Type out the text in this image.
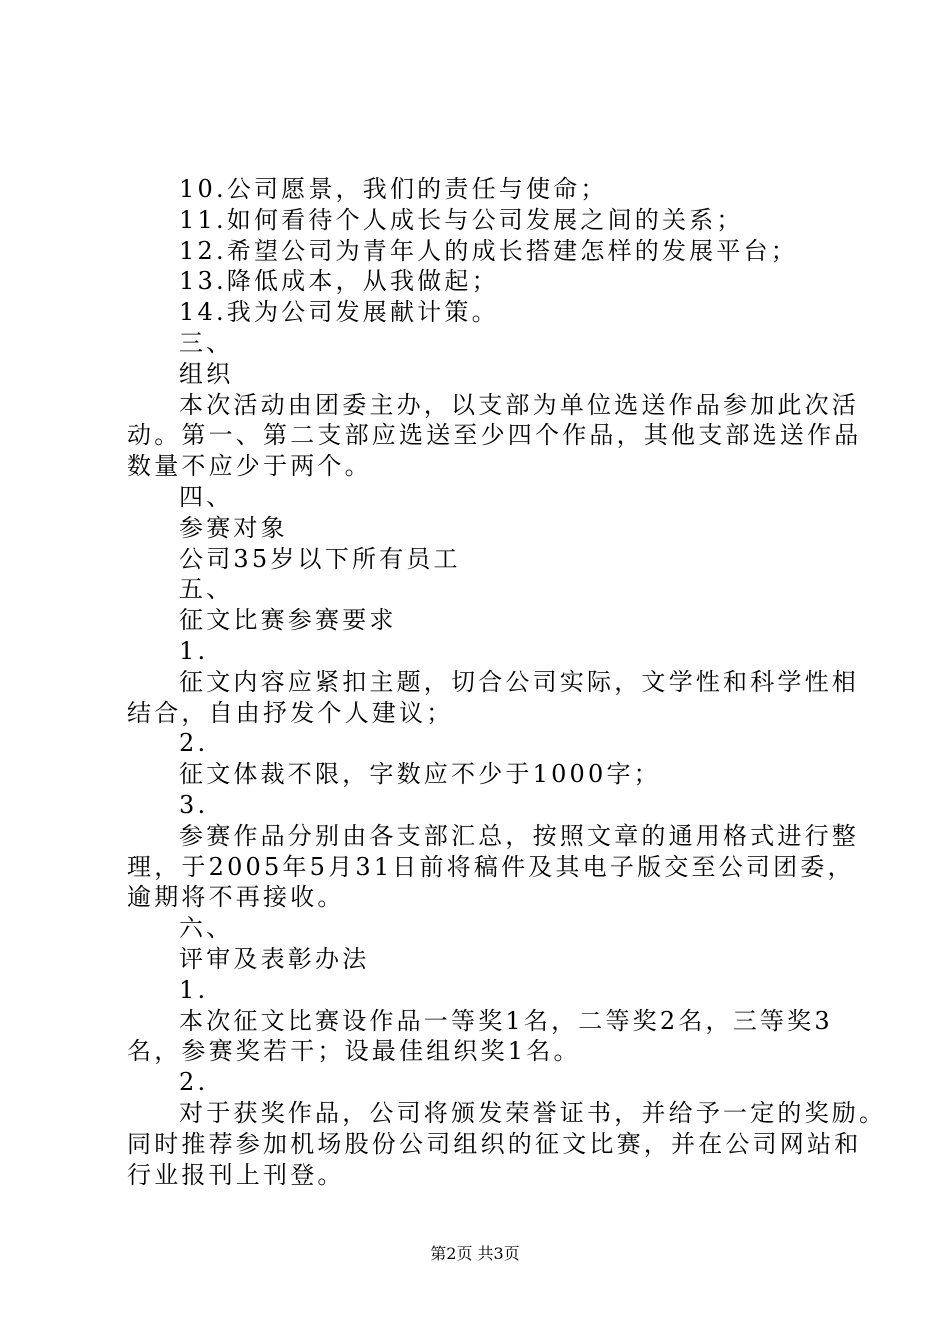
10.公司愿景，我们的责任与使命；
11.如何看待个人成长与公司发展之间的关系；
12.希望公司为青年人的成长搭建怎样的发展平台；
13.降低成本，从我做起；
14.我为公司发展献计策。
三、
组织
本次活动由团委主办，以支部为单位选送作品参加此次活
动。第一、第二支部应选送至少四个作品，其他支部选送作品
数量不应少于两个。
四、
参赛对象
公司35岁以下所有员工
五、
征文比赛参赛要求
1.
征文内容应紧扣主题，切合公司实际，文学性和科学性相
结合，自由抒发个人建议；
2.
征文体裁不限，字数应不少于1000字；
3.
参赛作品分别由各支部汇总，按照文章的通用格式进行整
理，于2005年5月31日前将稿件及其电子版交至公司团委，
逾期将不再接收。
六、
评审及表彰办法
1.
本次征文比赛设作品一等奖1名，二等奖2名，三等奖3
名，参赛奖若干；设最佳组织奖1名。
2.
对于获奖作品，公司将颁发荣誉证书，并给予一定的奖励。
同时推荐参加机场股份公司组织的征文比赛，并在公司网站和
行业报刊上刊登。
第2页 共3页
